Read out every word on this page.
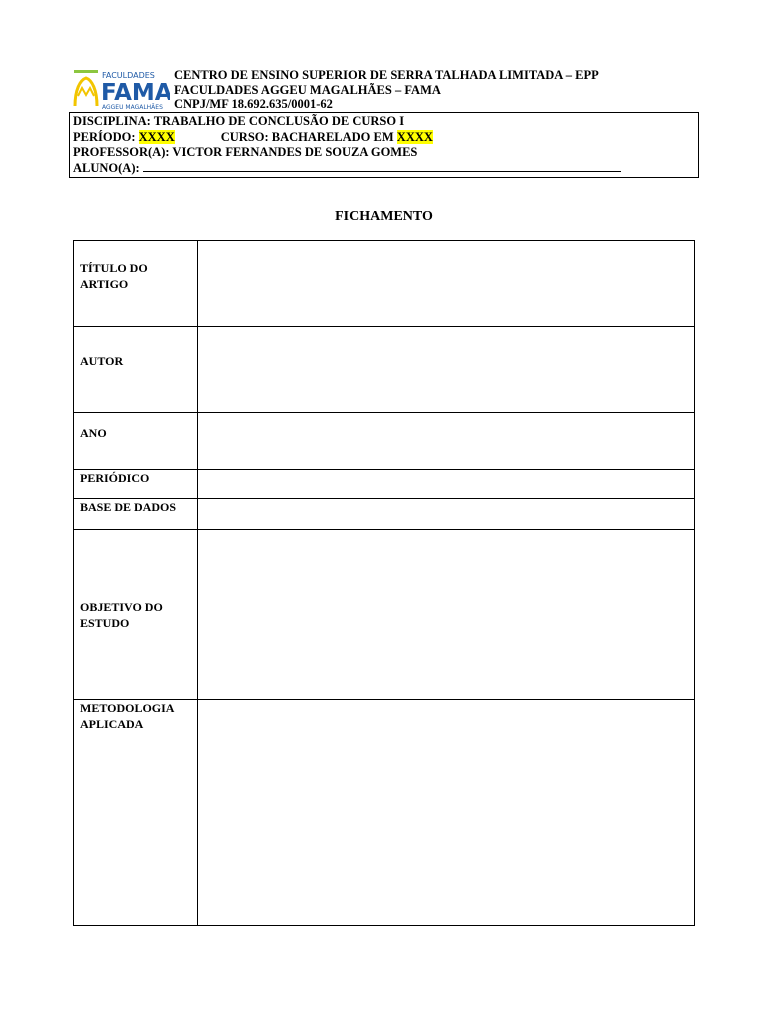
FACULDADES
FAMA
AGGEU MAGALHÃES
CENTRO DE ENSINO SUPERIOR DE SERRA TALHADA LIMITADA – EPP
FACULDADES AGGEU MAGALHÃES – FAMA
CNPJ/MF 18.692.635/0001-62
DISCIPLINA: TRABALHO DE CONCLUSÃO DE CURSO I
PERÍODO: XXXX	CURSO: BACHARELADO EM XXXX
PROFESSOR(A): VICTOR FERNANDES DE SOUZA GOMES
ALUNO(A):
FICHAMENTO
TÍTULO DO ARTIGO	
AUTOR	
ANO	
PERIÓDICO	
BASE DE DADOS	
OBJETIVO DO ESTUDO	
METODOLOGIA APLICADA	
